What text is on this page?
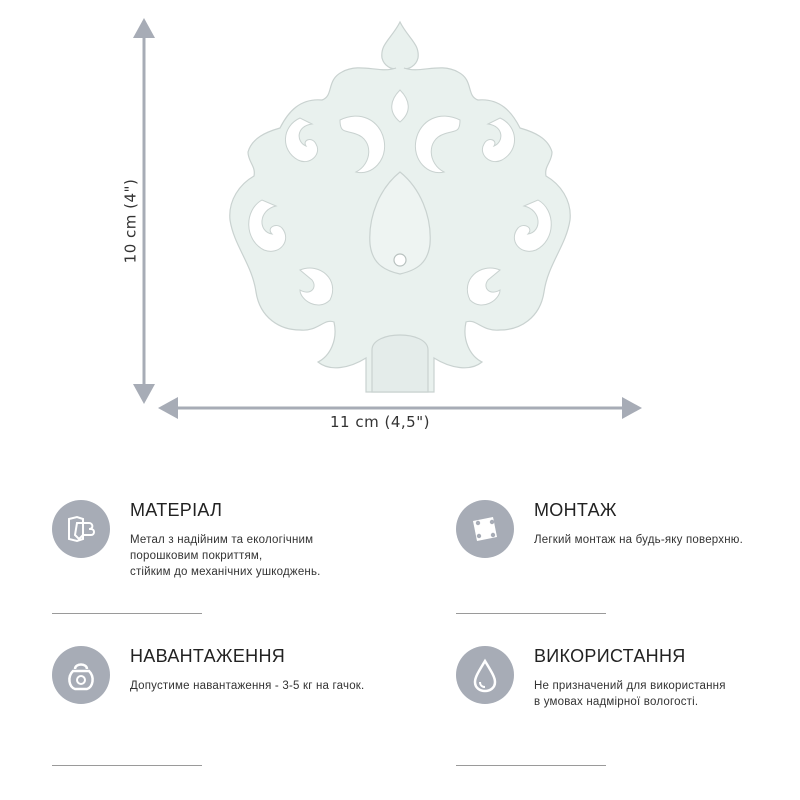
11 cm (4,5")
10 cm (4")
МАТЕРІАЛ
Метал з надійним та екологічним
порошковим покриттям,
стійким до механічних ушкоджень.
МОНТАЖ
Легкий монтаж на будь-яку поверхню.
НАВАНТАЖЕННЯ
Допустиме навантаження - 3-5 кг на гачок.
ВИКОРИСТАННЯ
Не призначений для використання
в умовах надмірної вологості.
